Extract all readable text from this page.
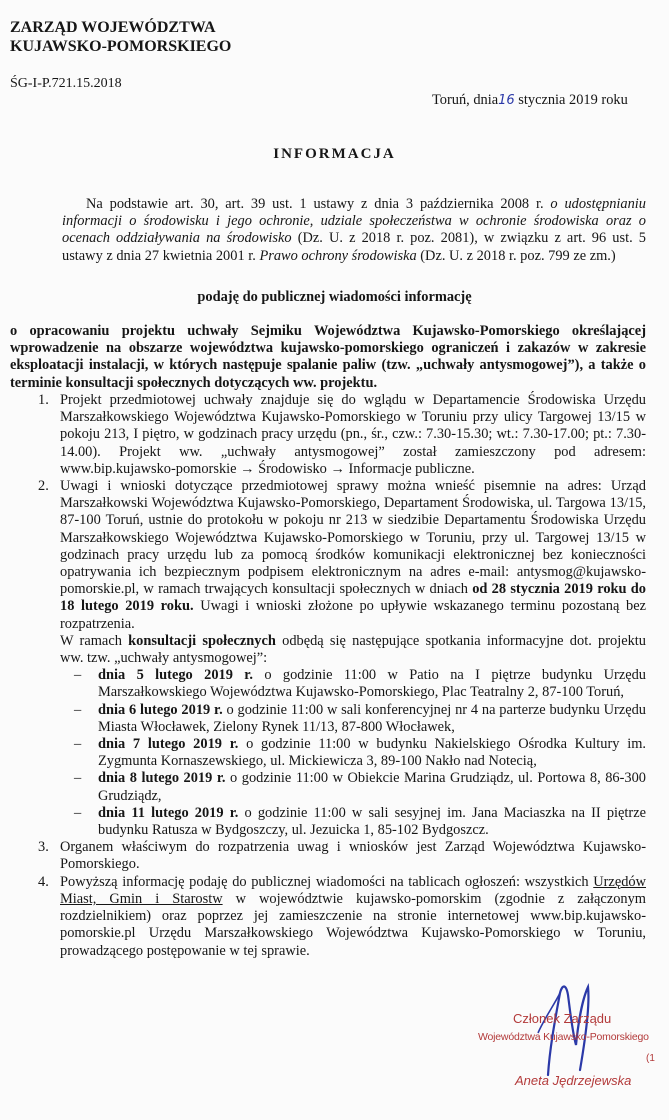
ZARZĄD WOJEWÓDZTWA
KUJAWSKO-POMORSKIEGO
ŚG-I-P.721.15.2018
Toruń, dnia16 stycznia 2019 roku
INFORMACJA
Na podstawie art. 30, art. 39 ust. 1 ustawy z dnia 3 października 2008 r. o udostępnianiu informacji o środowisku i jego ochronie, udziale społeczeństwa w ochronie środowiska oraz o ocenach oddziaływania na środowisko (Dz. U. z 2018 r. poz. 2081), w związku z art. 96 ust. 5 ustawy z dnia 27 kwietnia 2001 r. Prawo ochrony środowiska (Dz. U. z 2018 r. poz. 799 ze zm.)
podaję do publicznej wiadomości informację
o opracowaniu projektu uchwały Sejmiku Województwa Kujawsko-Pomorskiego określającej wprowadzenie na obszarze województwa kujawsko-pomorskiego ograniczeń i zakazów w zakresie eksploatacji instalacji, w których następuje spalanie paliw (tzw. „uchwały antysmogowej”), a także o terminie konsultacji społecznych dotyczących ww. projektu.
1. Projekt przedmiotowej uchwały znajduje się do wglądu w Departamencie Środowiska Urzędu Marszałkowskiego Województwa Kujawsko-Pomorskiego w Toruniu przy ulicy Targowej 13/15 w pokoju 213, I piętro, w godzinach pracy urzędu (pn., śr., czw.: 7.30-15.30; wt.: 7.30-17.00; pt.: 7.30-14.00). Projekt ww. „uchwały antysmogowej” został zamieszczony pod adresem: www.bip.kujawsko-pomorskie → Środowisko → Informacje publiczne.
2. Uwagi i wnioski dotyczące przedmiotowej sprawy można wnieść pisemnie na adres: Urząd Marszałkowski Województwa Kujawsko-Pomorskiego, Departament Środowiska, ul. Targowa 13/15, 87-100 Toruń, ustnie do protokołu w pokoju nr 213 w siedzibie Departamentu Środowiska Urzędu Marszałkowskiego Województwa Kujawsko-Pomorskiego w Toruniu, przy ul. Targowej 13/15 w godzinach pracy urzędu lub za pomocą środków komunikacji elektronicznej bez konieczności opatrywania ich bezpiecznym podpisem elektronicznym na adres e-mail: antysmog@kujawsko-pomorskie.pl, w ramach trwających konsultacji społecznych w dniach od 28 stycznia 2019 roku do 18 lutego 2019 roku. Uwagi i wnioski złożone po upływie wskazanego terminu pozostaną bez rozpatrzenia.
W ramach konsultacji społecznych odbędą się następujące spotkania informacyjne dot. projektu ww. tzw. „uchwały antysmogowej”:
– dnia 5 lutego 2019 r. o godzinie 11:00 w Patio na I piętrze budynku Urzędu Marszałkowskiego Województwa Kujawsko-Pomorskiego, Plac Teatralny 2, 87-100 Toruń,
– dnia 6 lutego 2019 r. o godzinie 11:00 w sali konferencyjnej nr 4 na parterze budynku Urzędu Miasta Włocławek, Zielony Rynek 11/13, 87-800 Włocławek,
– dnia 7 lutego 2019 r. o godzinie 11:00 w budynku Nakielskiego Ośrodka Kultury im. Zygmunta Kornaszewskiego, ul. Mickiewicza 3, 89-100 Nakło nad Notecią,
– dnia 8 lutego 2019 r. o godzinie 11:00 w Obiekcie Marina Grudziądz, ul. Portowa 8, 86-300 Grudziądz,
– dnia 11 lutego 2019 r. o godzinie 11:00 w sali sesyjnej im. Jana Maciaszka na II piętrze budynku Ratusza w Bydgoszczy, ul. Jezuicka 1, 85-102 Bydgoszcz.
3. Organem właściwym do rozpatrzenia uwag i wniosków jest Zarząd Województwa Kujawsko-Pomorskiego.
4. Powyższą informację podaję do publicznej wiadomości na tablicach ogłoszeń: wszystkich Urzędów Miast, Gmin i Starostw w województwie kujawsko-pomorskim (zgodnie z załączonym rozdzielnikiem) oraz poprzez jej zamieszczenie na stronie internetowej www.bip.kujawsko-pomorskie.pl Urzędu Marszałkowskiego Województwa Kujawsko-Pomorskiego w Toruniu, prowadzącego postępowanie w tej sprawie.
Członek Zarządu
Województwa Kujawsko-Pomorskiego
(1
Aneta Jędrzejewska
